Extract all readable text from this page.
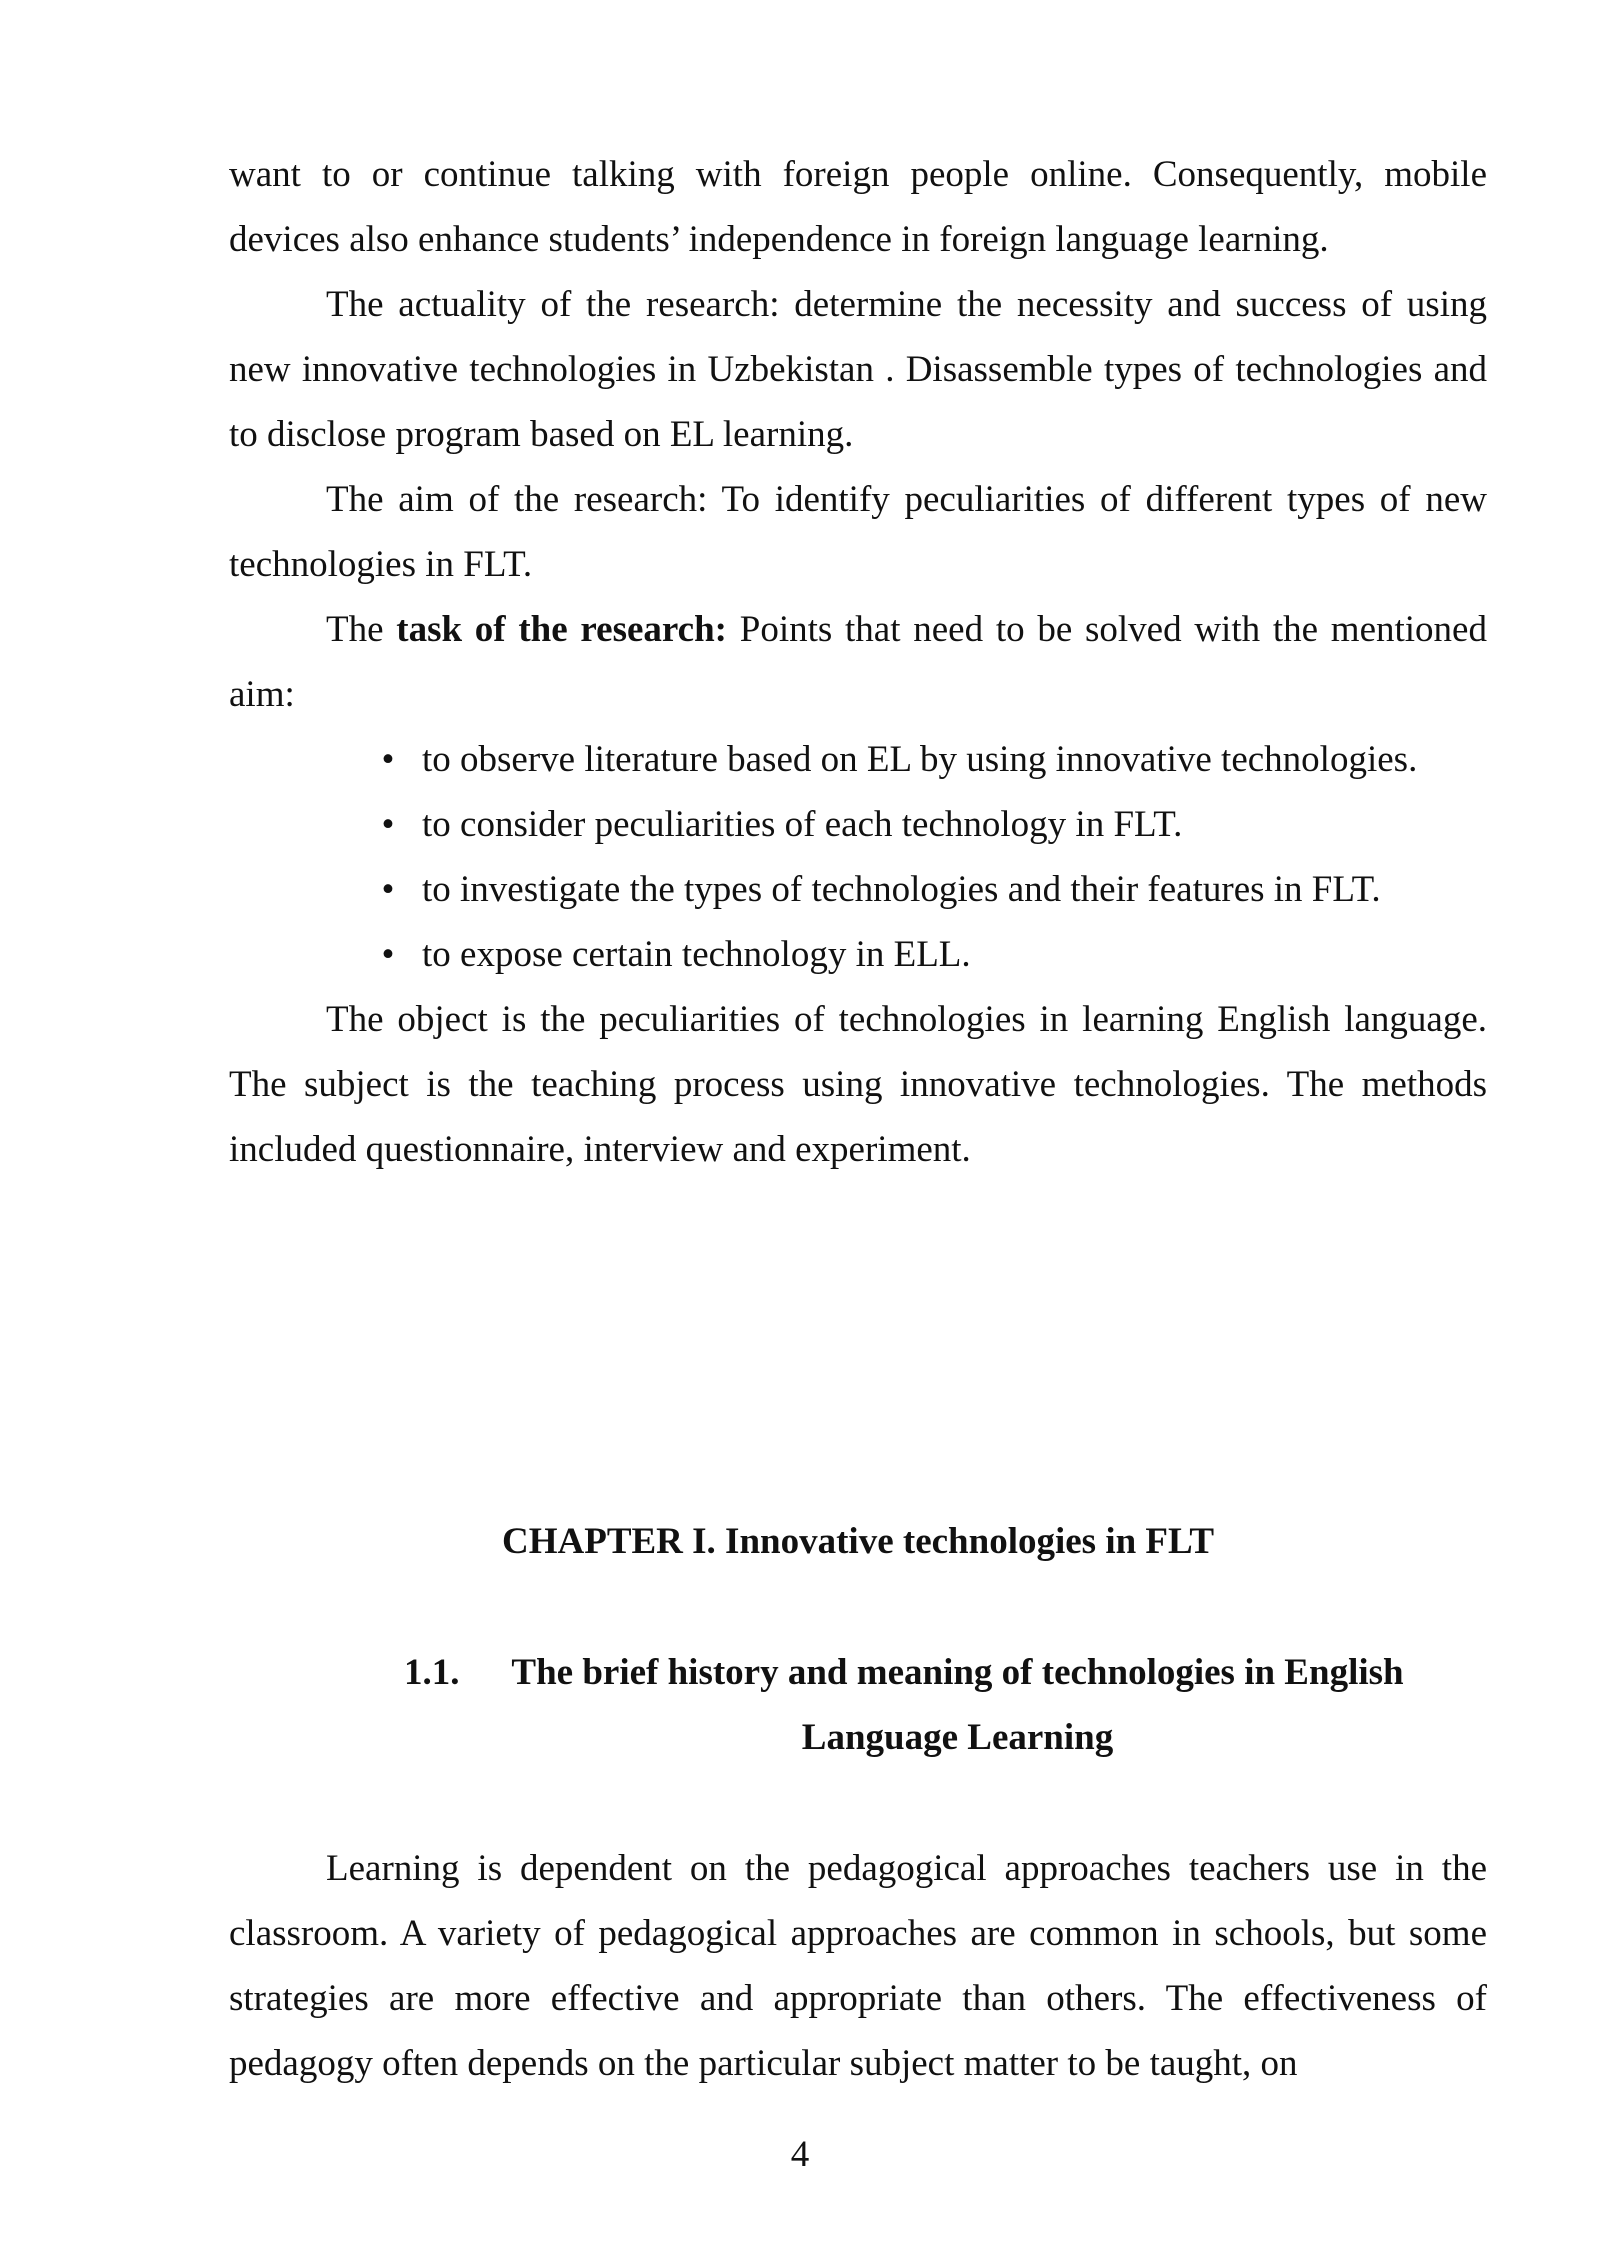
want to or continue talking with foreign people online. Consequently, mobile devices also enhance students’ independence in foreign language learning.

The actuality of the research: determine the necessity and success of using new innovative technologies in Uzbekistan . Disassemble types of technologies and to disclose program based on EL learning.

The aim of the research: To identify peculiarities of different types of new technologies in FLT.

The task of the research: Points that need to be solved with the mentioned aim:

• to observe literature based on EL by using innovative technologies.
• to consider peculiarities of each technology in FLT.
• to investigate the types of technologies and their features in FLT.
• to expose certain technology in ELL.

The object is the peculiarities of technologies in learning English language. The subject is the teaching process using innovative technologies. The methods included questionnaire, interview and experiment.

CHAPTER I. Innovative technologies in FLT
1.1. The brief history and meaning of technologies in English Language Learning

Learning is dependent on the pedagogical approaches teachers use in the classroom. A variety of pedagogical approaches are common in schools, but some strategies are more effective and appropriate than others. The effectiveness of pedagogy often depends on the particular subject matter to be taught, on

4
